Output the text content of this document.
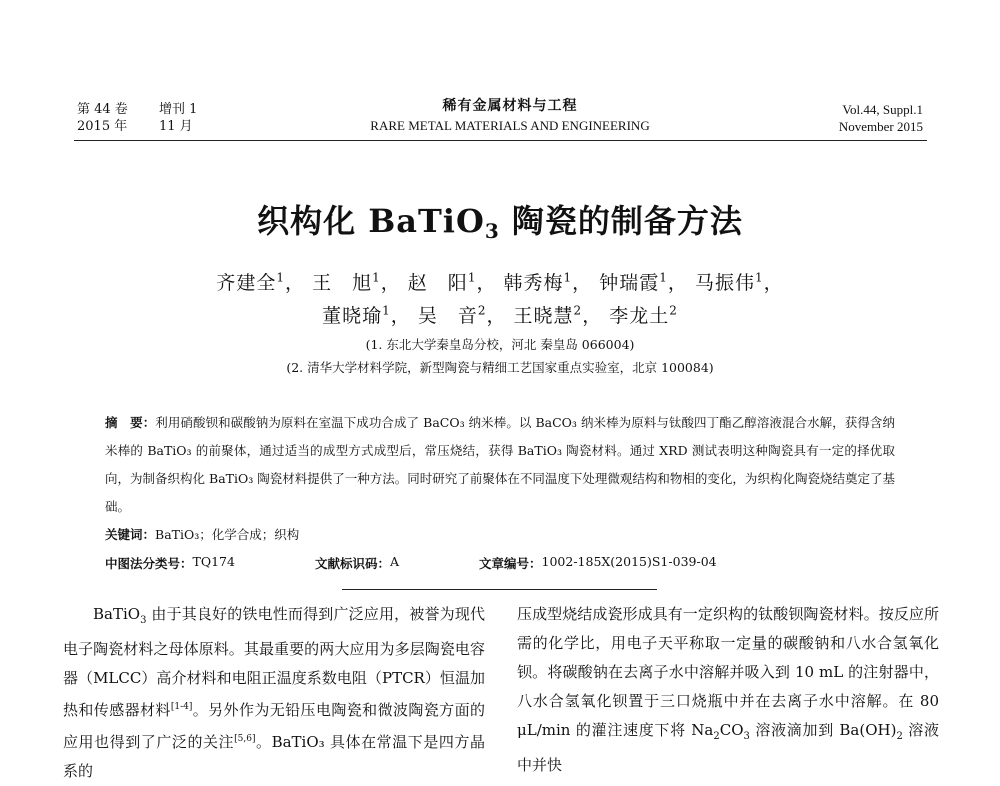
第 44 卷 增刊 1
2015 年 11 月
稀有金属材料与工程
RARE METAL MATERIALS AND ENGINEERING
Vol.44, Suppl.1
November 2015
织构化 BaTiO$_3$ 陶瓷的制备方法
齐建全$^1$， 王　旭$^1$， 赵　阳$^1$， 韩秀梅$^1$， 钟瑞霞$^1$， 马振伟$^1$，
董晓瑜$^1$， 吴　音$^2$， 王晓慧$^2$， 李龙土$^2$
(1. 东北大学秦皇岛分校，河北 秦皇岛 066004)
(2. 清华大学材料学院，新型陶瓷与精细工艺国家重点实验室，北京 100084)
摘　要：利用硝酸钡和碳酸钠为原料在室温下成功合成了 BaCO₃ 纳米棒。以 BaCO₃ 纳米棒为原料与钛酸四丁酯乙醇溶液混合水解，获得含纳米棒的 BaTiO₃ 的前聚体，通过适当的成型方式成型后，常压烧结，获得 BaTiO₃ 陶瓷材料。通过 XRD 测试表明这种陶瓷具有一定的择优取向，为制备织构化 BaTiO₃ 陶瓷材料提供了一种方法。同时研究了前聚体在不同温度下处理微观结构和物相的变化，为织构化陶瓷烧结奠定了基础。
关键词：BaTiO₃；化学合成；织构
中图法分类号： TQ174	文献标识码： A	文章编号： 1002-185X(2015)S1-039-04
BaTiO$_3$ 由于其良好的铁电性而得到广泛应用，被誉为现代电子陶瓷材料之母体原料。其最重要的两大应用为多层陶瓷电容器（MLCC）高介材料和电阻正温度系数电阻（PTCR）恒温加热和传感器材料[1-4]。另外作为无铅压电陶瓷和微波陶瓷方面的应用也得到了广泛的关注[5,6]。BaTiO₃ 具体在常温下是四方晶系的
压成型烧结成瓷形成具有一定织构的钛酸钡陶瓷材料。按反应所需的化学比，用电子天平称取一定量的碳酸钠和八水合氢氧化钡。将碳酸钠在去离子水中溶解并吸入到 10 mL 的注射器中，八水合氢氧化钡置于三口烧瓶中并在去离子水中溶解。在 80 μL/min 的灌注速度下将 $Na_2CO_3$ 溶液滴加到 $Ba(OH)_2$ 溶液中并快
